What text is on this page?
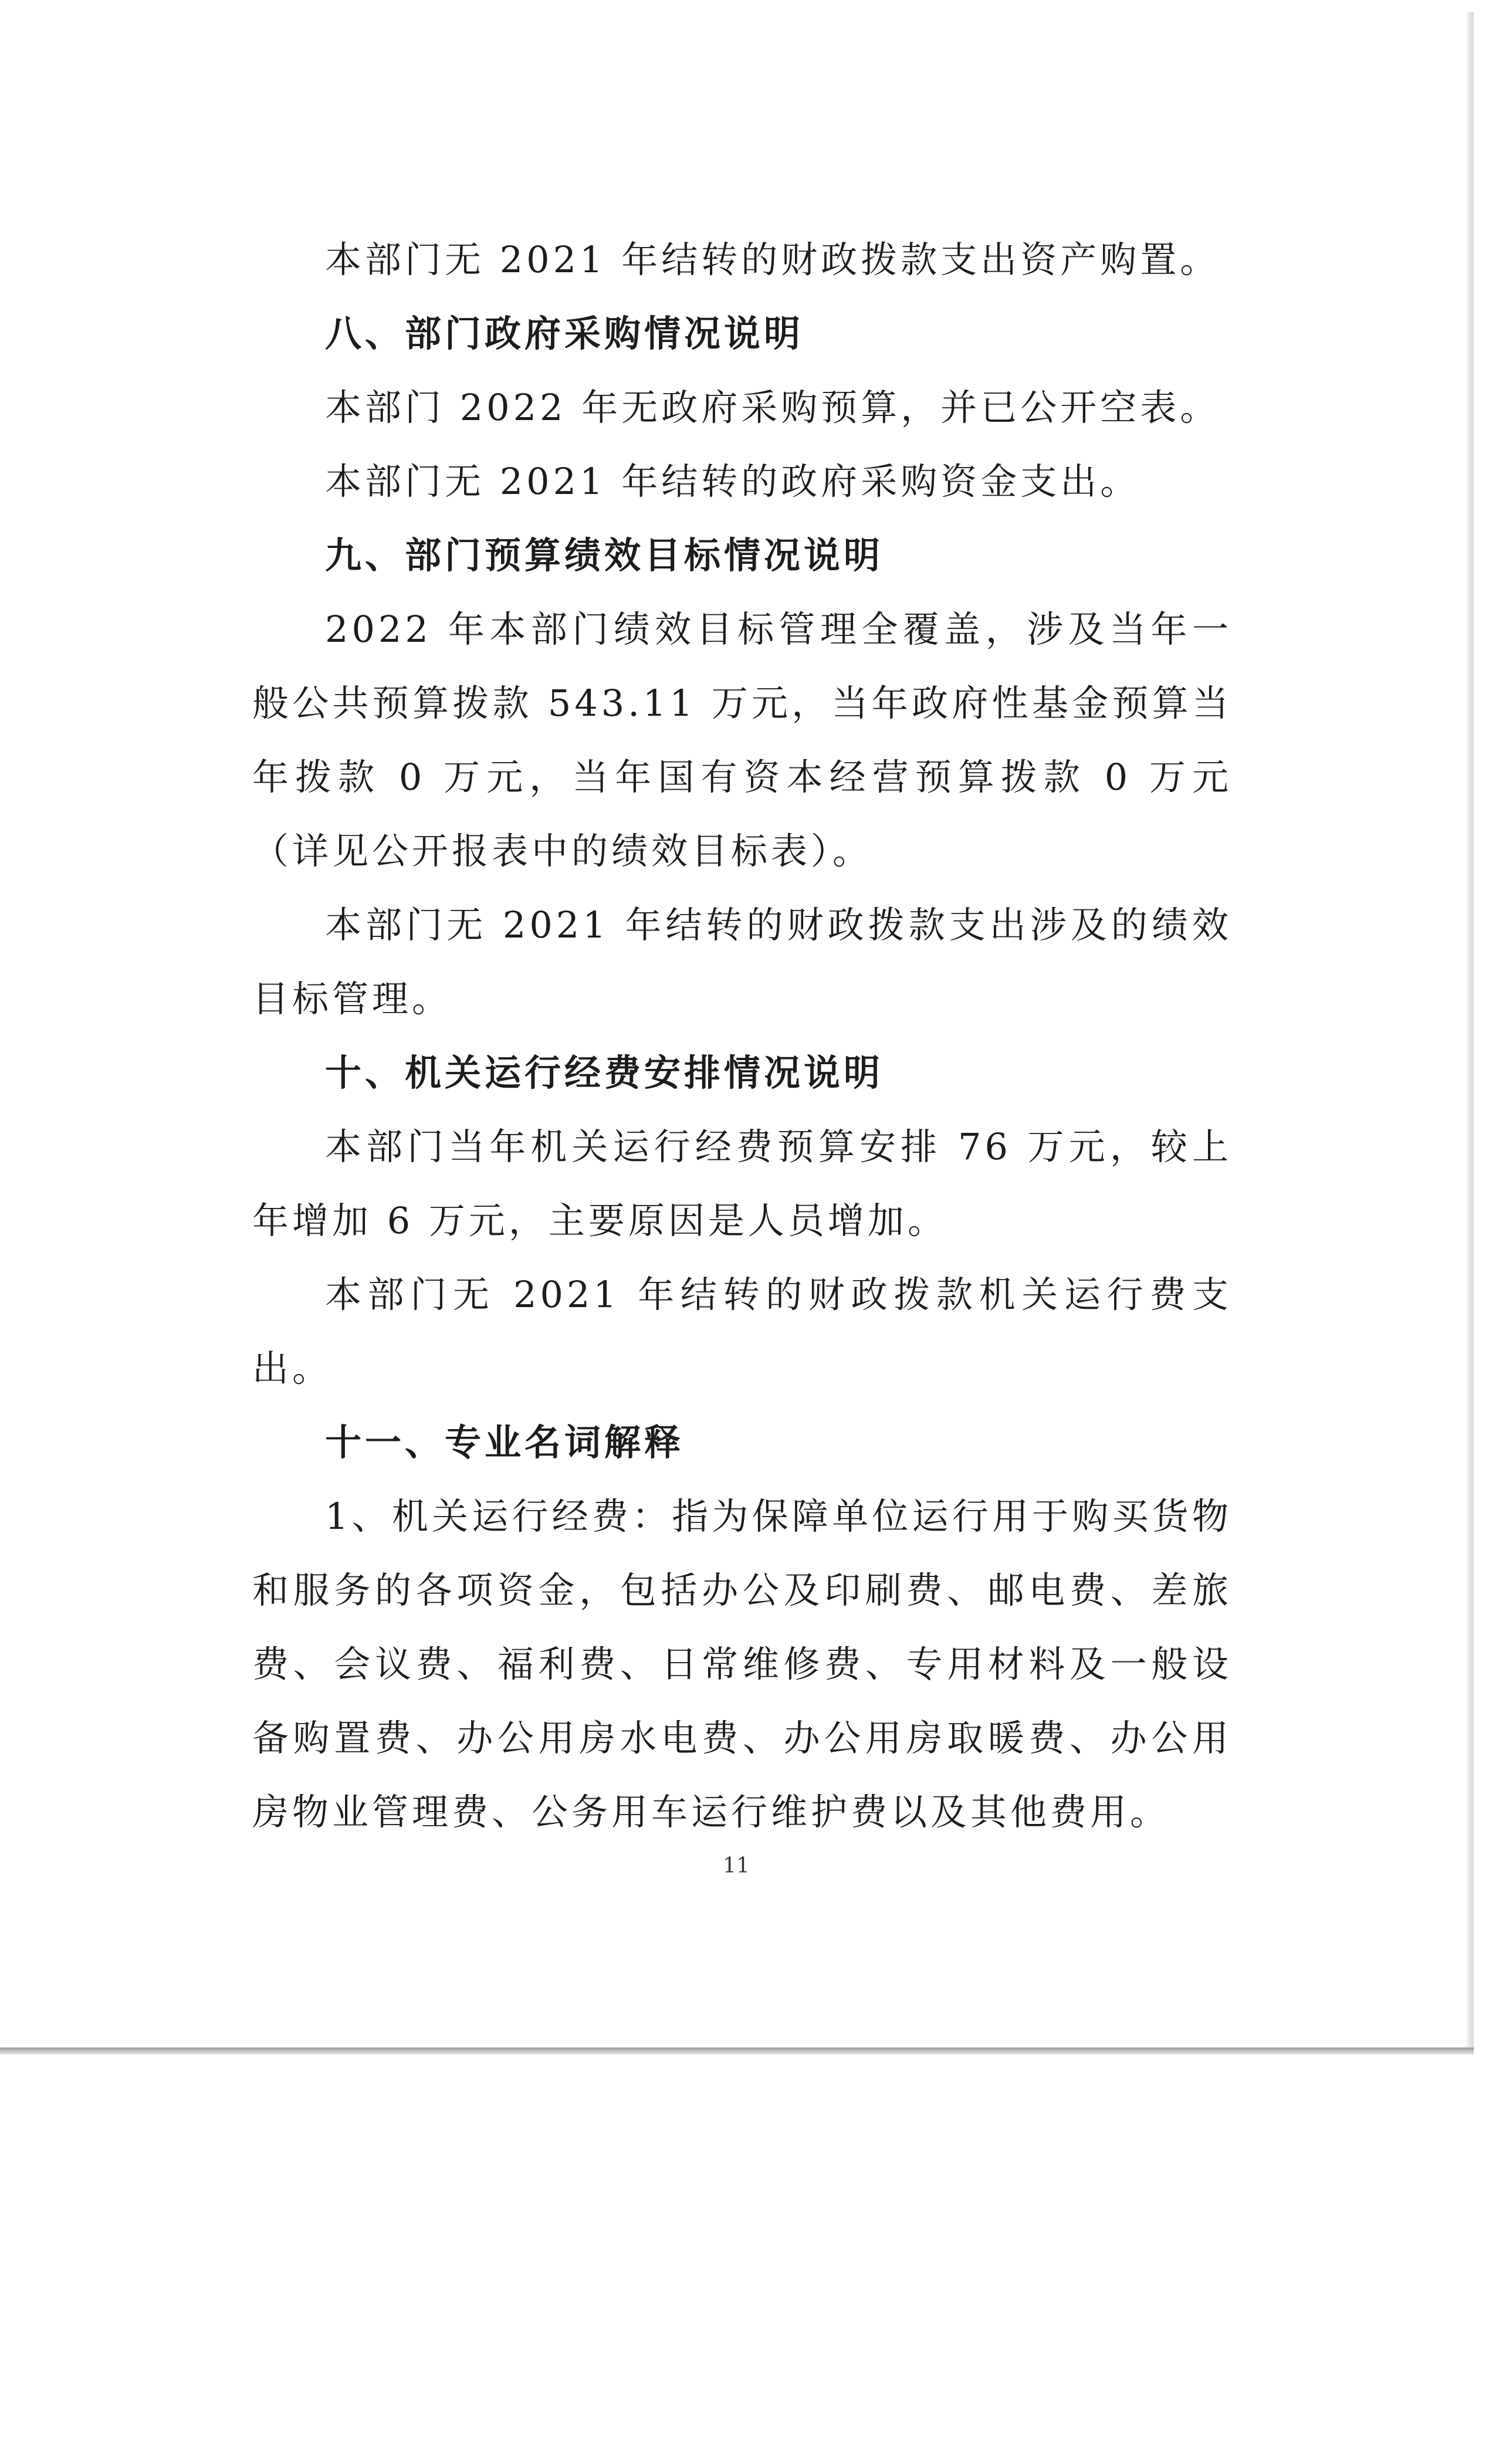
本部门无 2021 年结转的财政拨款支出资产购置。

八、部门政府采购情况说明

本部门 2022 年无政府采购预算，并已公开空表。

本部门无 2021 年结转的政府采购资金支出。

九、部门预算绩效目标情况说明

2022 年本部门绩效目标管理全覆盖，涉及当年一般公共预算拨款 543.11 万元，当年政府性基金预算当年拨款 0 万元，当年国有资本经营预算拨款 0 万元（详见公开报表中的绩效目标表）。

本部门无 2021 年结转的财政拨款支出涉及的绩效目标管理。

十、机关运行经费安排情况说明

本部门当年机关运行经费预算安排 76 万元，较上年增加 6 万元，主要原因是人员增加。

本部门无 2021 年结转的财政拨款机关运行费支出。

十一、专业名词解释

1、机关运行经费：指为保障单位运行用于购买货物和服务的各项资金，包括办公及印刷费、邮电费、差旅费、会议费、福利费、日常维修费、专用材料及一般设备购置费、办公用房水电费、办公用房取暖费、办公用房物业管理费、公务用车运行维护费以及其他费用。

11
